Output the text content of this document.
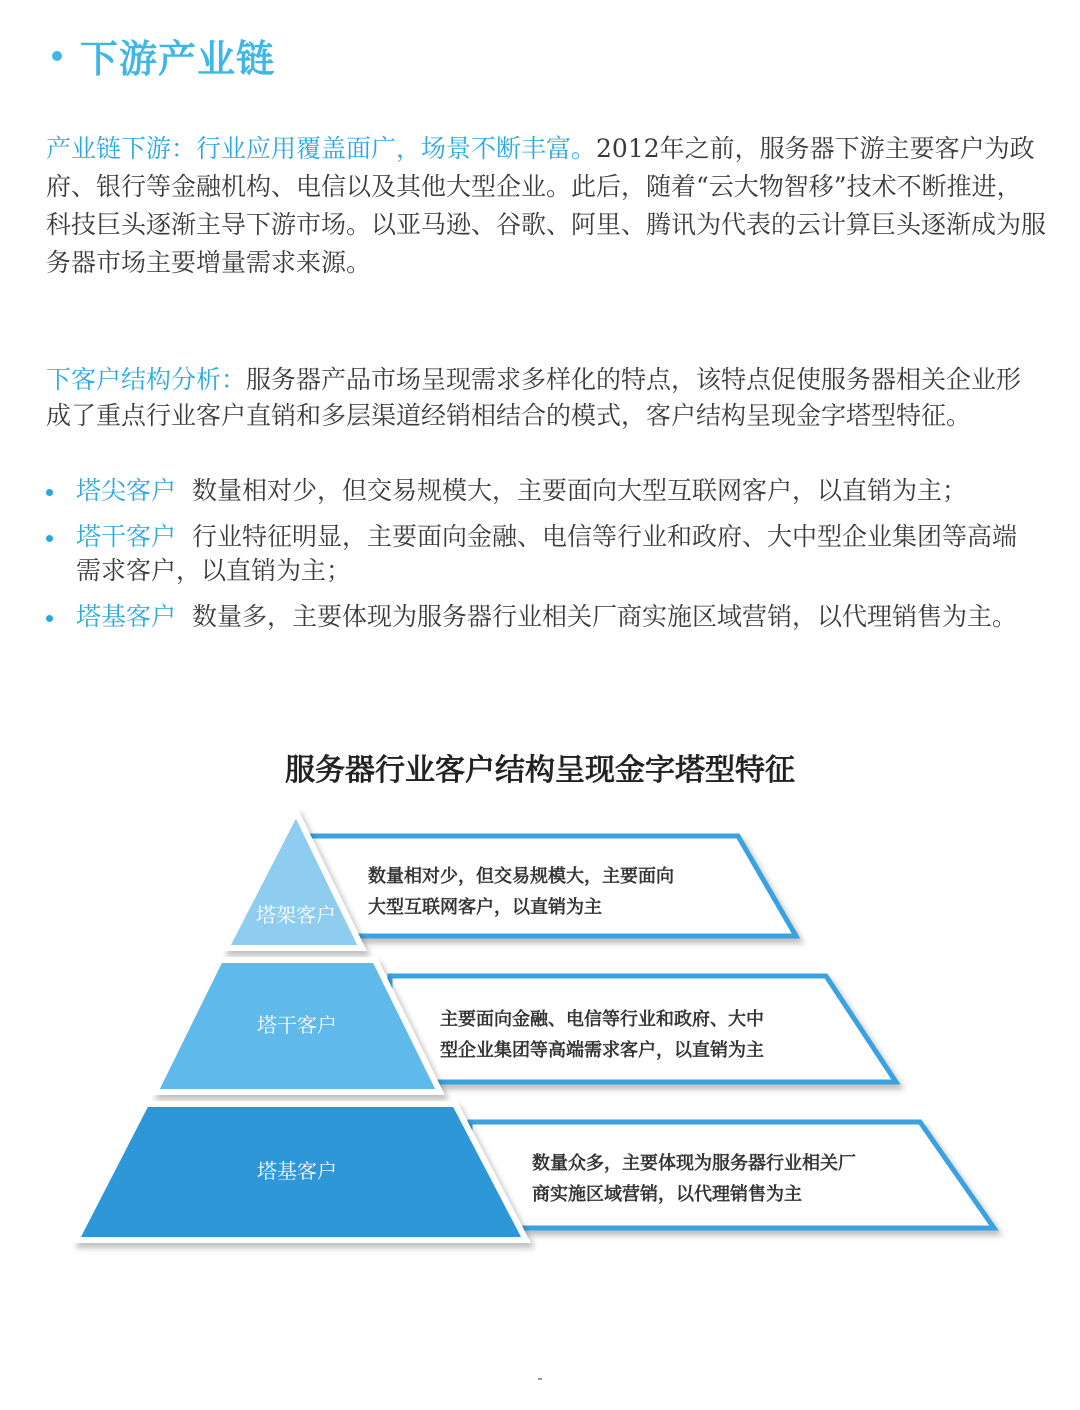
下游产业链

产业链下游：行业应用覆盖面广，场景不断丰富。2012年之前，服务器下游主要客户为政府、银行等金融机构、电信以及其他大型企业。此后，随着“云大物智移”技术不断推进，科技巨头逐渐主导下游市场。以亚马逊、谷歌、阿里、腾讯为代表的云计算巨头逐渐成为服务器市场主要增量需求来源。

下客户结构分析：服务器产品市场呈现需求多样化的特点，该特点促使服务器相关企业形成了重点行业客户直销和多层渠道经销相结合的模式，客户结构呈现金字塔型特征。

塔尖客户 数量相对少，但交易规模大，主要面向大型互联网客户，以直销为主；
塔干客户 行业特征明显，主要面向金融、电信等行业和政府、大中型企业集团等高端 需求客户，以直销为主；
塔基客户 数量多，主要体现为服务器行业相关厂商实施区域营销，以代理销售为主。
服务器行业客户结构呈现金字塔型特征
塔架客户
塔干客户
塔基客户
数量相对少，但交易规模大，主要面向
大型互联网客户，以直销为主
主要面向金融、电信等行业和政府、大中
型企业集团等高端需求客户，以直销为主
数量众多，主要体现为服务器行业相关厂
商实施区域营销，以代理销售为主
-
